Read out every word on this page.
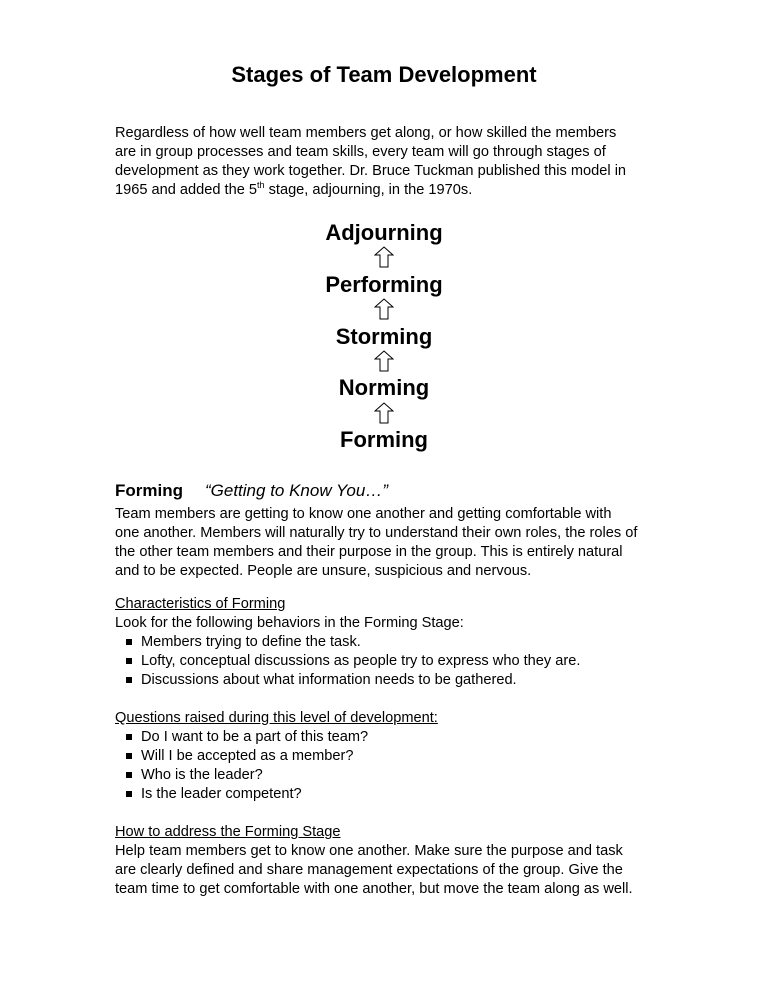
Stages of Team Development
Regardless of how well team members get along, or how skilled the members
are in group processes and team skills, every team will go through stages of
development as they work together. Dr. Bruce Tuckman published this model in
1965 and added the 5th stage, adjourning, in the 1970s.
Adjourning
Performing
Storming
Norming
Forming
Forming “Getting to Know You…”
Team members are getting to know one another and getting comfortable with
one another. Members will naturally try to understand their own roles, the roles of
the other team members and their purpose in the group. This is entirely natural
and to be expected. People are unsure, suspicious and nervous.
Characteristics of Forming
Look for the following behaviors in the Forming Stage:
Members trying to define the task.
Lofty, conceptual discussions as people try to express who they are.
Discussions about what information needs to be gathered.
Questions raised during this level of development:
Do I want to be a part of this team?
Will I be accepted as a member?
Who is the leader?
Is the leader competent?
How to address the Forming Stage
Help team members get to know one another. Make sure the purpose and task
are clearly defined and share management expectations of the group. Give the
team time to get comfortable with one another, but move the team along as well.
